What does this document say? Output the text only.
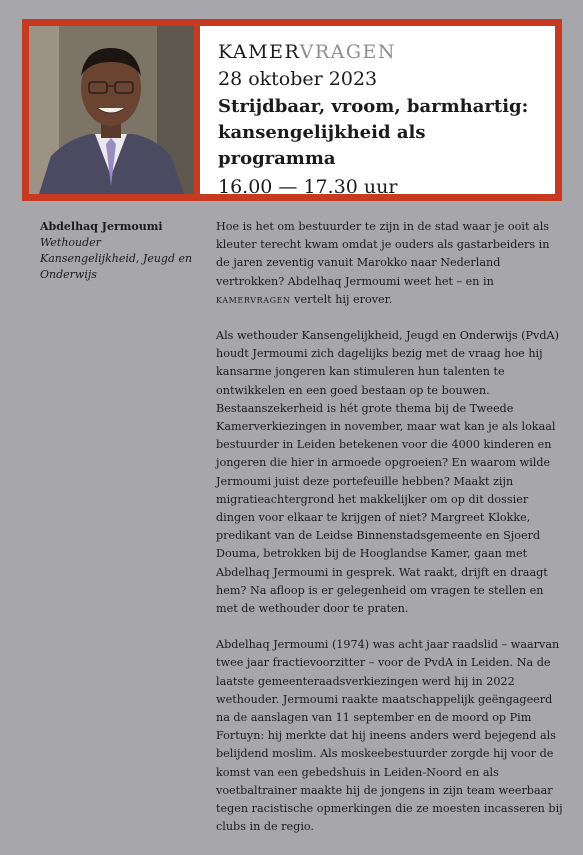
KAMERVRAGEN
28 oktober 2023
Strijdbaar, vroom, barmhartig:
kansengelijkheid als programma
16.00 — 17.30 uur
Abdelhaq Jermoumi
Wethouder Kansengelijkheid, Jeugd en Onderwijs

Hoe is het om bestuurder te zijn in de stad waar je ooit als kleuter terecht kwam omdat je ouders als gastarbeiders in de jaren zeventig vanuit Marokko naar Nederland vertrokken? Abdelhaq Jermoumi weet het – en in kamervragen vertelt hij erover.

Als wethouder Kansengelijkheid, Jeugd en Onderwijs (PvdA) houdt Jermoumi zich dagelijks bezig met de vraag hoe hij kansarme jongeren kan stimuleren hun talenten te ontwikkelen en een goed bestaan op te bouwen. Bestaanszekerheid is hét grote thema bij de Tweede Kamerverkiezingen in november, maar wat kan je als lokaal bestuurder in Leiden betekenen voor die 4000 kinderen en jongeren die hier in armoede opgroeien? En waarom wilde Jermoumi juist deze portefeuille hebben? Maakt zijn migratieachtergrond het makkelijker om op dit dossier dingen voor elkaar te krijgen of niet? Margreet Klokke, predikant van de Leidse Binnenstadsgemeente en Sjoerd Douma, betrokken bij de Hooglandse Kamer, gaan met Abdelhaq Jermoumi in gesprek. Wat raakt, drijft en draagt hem? Na afloop is er gelegenheid om vragen te stellen en met de wethouder door te praten.

Abdelhaq Jermoumi (1974) was acht jaar raadslid – waarvan twee jaar fractievoorzitter – voor de PvdA in Leiden. Na de laatste gemeenteraadsverkiezingen werd hij in 2022 wethouder. Jermoumi raakte maatschappelijk geëngageerd na de aanslagen van 11 september en de moord op Pim Fortuyn: hij merkte dat hij ineens anders werd bejegend als belijdend moslim. Als moskeebestuurder zorgde hij voor de komst van een gebedshuis in Leiden-Noord en als voetbaltrainer maakte hij de jongens in zijn team weerbaar tegen racistische opmerkingen die ze moesten incasseren bij clubs in de regio.
